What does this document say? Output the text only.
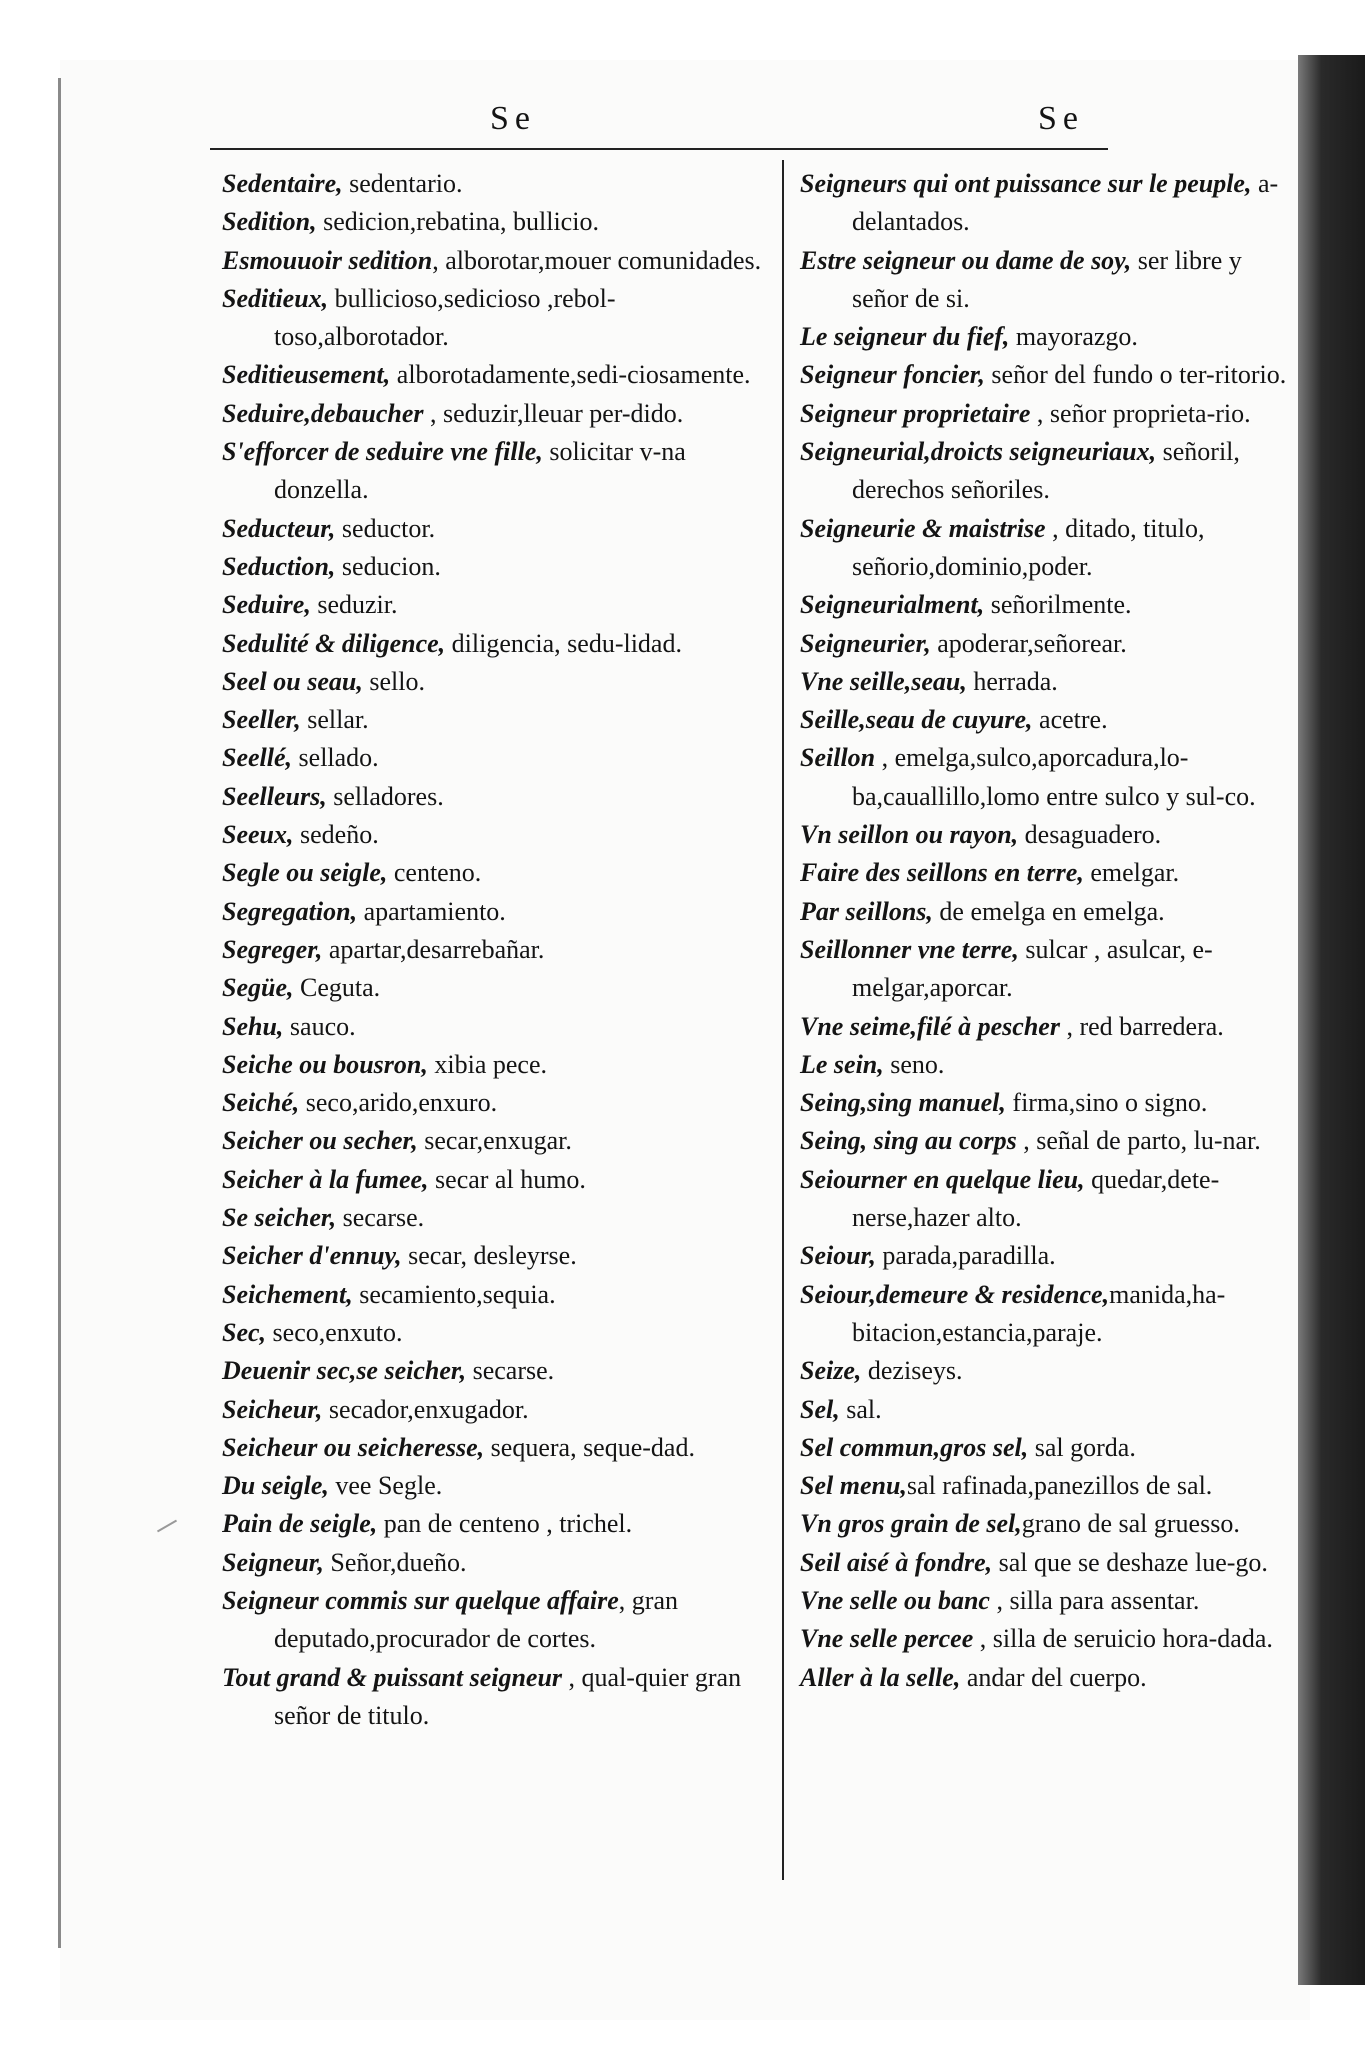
Se	Se

Sedentaire, sedentario.

Sedition, sedicion,rebatina, bullicio.

Esmouuoir sedition, alborotar,mouer comunidades.

Seditieux, bullicioso,sedicioso ,rebol-toso,alborotador.

Seditieusement, alborotadamente,sedi-ciosamente.

Seduire,debaucher , seduzir,lleuar per-dido.

S'efforcer de seduire vne fille, solicitar v-na donzella.

Seducteur, seductor.

Seduction, seducion.

Seduire, seduzir.

Sedulité & diligence, diligencia, sedu-lidad.

Seel ou seau, sello.

Seeller, sellar.

Seellé, sellado.

Seelleurs, selladores.

Seeux, sedeño.

Segle ou seigle, centeno.

Segregation, apartamiento.

Segreger, apartar,desarrebañar.

Següe, Ceguta.

Sehu, sauco.

Seiche ou bousron, xibia pece.

Seiché, seco,arido,enxuro.

Seicher ou secher, secar,enxugar.

Seicher à la fumee, secar al humo.

Se seicher, secarse.

Seicher d'ennuy, secar, desleyrse.

Seichement, secamiento,sequia.

Sec, seco,enxuto.

Deuenir sec,se seicher, secarse.

Seicheur, secador,enxugador.

Seicheur ou seicheresse, sequera, seque-dad.

Du seigle, vee Segle.

Pain de seigle, pan de centeno , trichel.

Seigneur, Señor,dueño.

Seigneur commis sur quelque affaire, gran deputado,procurador de cortes.

Tout grand & puissant seigneur , qual-quier gran señor de titulo.

Seigneurs qui ont puissance sur le peuple, a-delantados.

Estre seigneur ou dame de soy, ser libre y señor de si.

Le seigneur du fief, mayorazgo.

Seigneur foncier, señor del fundo o ter-ritorio.

Seigneur proprietaire , señor proprieta-rio.

Seigneurial,droicts seigneuriaux, señoril, derechos señoriles.

Seigneurie & maistrise , ditado, titulo, señorio,dominio,poder.

Seigneurialment, señorilmente.

Seigneurier, apoderar,señorear.

Vne seille,seau, herrada.

Seille,seau de cuyure, acetre.

Seillon , emelga,sulco,aporcadura,lo-ba,cauallillo,lomo entre sulco y sul-co.

Vn seillon ou rayon, desaguadero.

Faire des seillons en terre, emelgar.

Par seillons, de emelga en emelga.

Seillonner vne terre, sulcar , asulcar, e-melgar,aporcar.

Vne seime,filé à pescher , red barredera.

Le sein, seno.

Seing,sing manuel, firma,sino o signo.

Seing, sing au corps , señal de parto, lu-nar.

Seiourner en quelque lieu, quedar,dete-nerse,hazer alto.

Seiour, parada,paradilla.

Seiour,demeure & residence,manida,ha-bitacion,estancia,paraje.

Seize, deziseys.

Sel, sal.

Sel commun,gros sel, sal gorda.

Sel menu,sal rafinada,panezillos de sal.

Vn gros grain de sel,grano de sal gruesso.

Seil aisé à fondre, sal que se deshaze lue-go.

Vne selle ou banc , silla para assentar.

Vne selle percee , silla de seruicio hora-dada.

Aller à la selle, andar del cuerpo.
